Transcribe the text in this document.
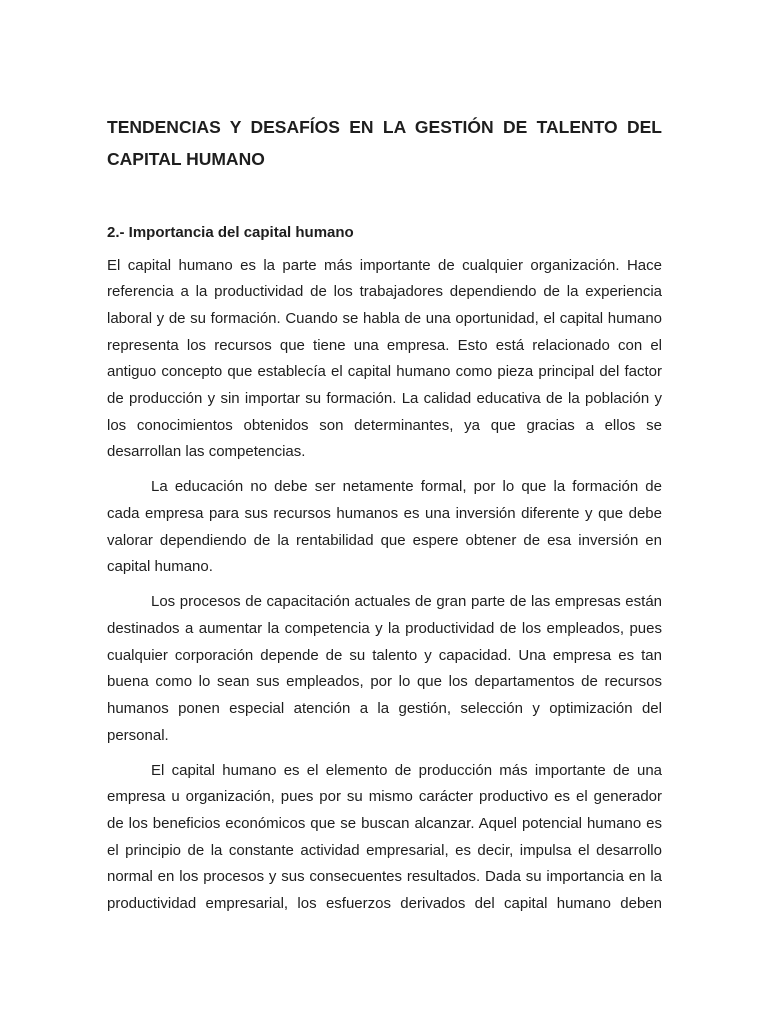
TENDENCIAS Y DESAFÍOS EN LA GESTIÓN DE TALENTO DEL CAPITAL HUMANO
2.- Importancia del capital humano
El capital humano es la parte más importante de cualquier organización. Hace
referencia a la productividad de los trabajadores dependiendo de la experiencia
laboral y de su formación. Cuando se habla de una oportunidad, el capital humano
representa los recursos que tiene una empresa. Esto está relacionado con el
antiguo concepto que establecía el capital humano como pieza principal del factor
de producción y sin importar su formación. La calidad educativa de la población y
los conocimientos obtenidos son determinantes, ya que gracias a ellos se
desarrollan las competencias.
La educación no debe ser netamente formal, por lo que la formación de
cada empresa para sus recursos humanos es una inversión diferente y que debe
valorar dependiendo de la rentabilidad que espere obtener de esa inversión en
capital humano.
Los procesos de capacitación actuales de gran parte de las empresas están
destinados a aumentar la competencia y la productividad de los empleados, pues
cualquier corporación depende de su talento y capacidad. Una empresa es tan
buena como lo sean sus empleados, por lo que los departamentos de recursos
humanos ponen especial atención a la gestión, selección y optimización del
personal.
El capital humano es el elemento de producción más importante de una
empresa u organización, pues por su mismo carácter productivo es el generador
de los beneficios económicos que se buscan alcanzar. Aquel potencial humano es
el principio de la constante actividad empresarial, es decir, impulsa el desarrollo
normal en los procesos y sus consecuentes resultados. Dada su importancia en la
productividad empresarial, los esfuerzos derivados del capital humano deben
